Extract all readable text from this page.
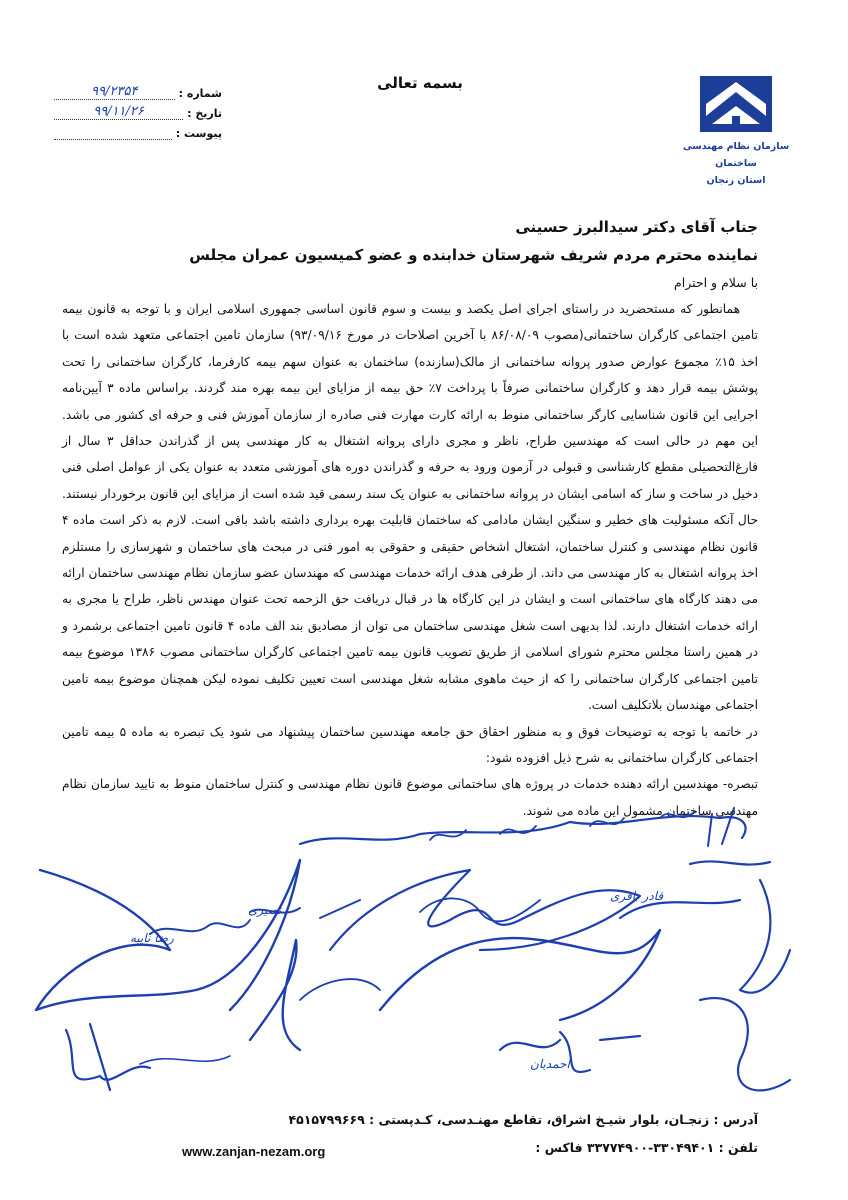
سازمان نظام مهندسی ساختمان
استان زنجان
بسمه تعالی
شماره :
۹۹/۲۳۵۴
تاریخ :
۹۹/۱۱/۲۶
پیوست :
جناب آقای دکتر سیدالبرز حسینی
نماینده محترم مردم شریف شهرستان خدابنده و عضو کمیسیون عمران مجلس
با سلام و احترام

همانطور که مستحضرید در راستای اجرای اصل یکصد و بیست و سوم قانون اساسی جمهوری اسلامی ایران و با توجه به قانون بیمه تامین اجتماعی کارگران ساختمانی(مصوب ۸۶/۰۸/۰۹ با آخرین اصلاحات در مورخ ۹۳/۰۹/۱۶) سازمان تامین اجتماعی متعهد شده است با اخذ ۱۵٪ مجموع عوارض صدور پروانه ساختمانی از مالک(سازنده) ساختمان به عنوان سهم بیمه کارفرما، کارگران ساختمانی را تحت پوشش بیمه قرار دهد و کارگران ساختمانی صرفاً با پرداخت ۷٪ حق بیمه از مزایای این بیمه بهره مند گردند. براساس ماده ۳ آیین‌نامه اجرایی این قانون شناسایی کارگر ساختمانی منوط به ارائه کارت مهارت فنی صادره از سازمان آموزش فنی و حرفه ای کشور می باشد. این مهم در حالی است که مهندسین طراح، ناظر و مجری دارای پروانه اشتغال به کار مهندسی پس از گذراندن حداقل ۳ سال از فارغ‌التحصیلی مقطع کارشناسی و قبولی در آزمون ورود به حرفه و گذراندن دوره های آموزشی متعدد به عنوان یکی از عوامل اصلی فنی دخیل در ساخت و ساز که اسامی ایشان در پروانه ساختمانی به عنوان یک سند رسمی قید شده است از مزایای این قانون برخوردار نیستند. حال آنکه مسئولیت های خطیر و سنگین ایشان مادامی که ساختمان قابلیت بهره برداری داشته باشد باقی است. لازم به ذکر است ماده ۴ قانون نظام مهندسی و کنترل ساختمان، اشتغال اشخاص حقیقی و حقوقی به امور فنی در مبحث های ساختمان و شهرسازی را مستلزم اخذ پروانه اشتغال به کار مهندسی می داند. از طرفی هدف ارائه خدمات مهندسی که مهندسان عضو سازمان نظام مهندسی ساختمان ارائه می دهند کارگاه های ساختمانی است و ایشان در این کارگاه ها در قبال دریافت حق الزحمه تحت عنوان مهندس ناظر، طراح یا مجری به ارائه خدمات اشتغال دارند. لذا بدیهی است شغل مهندسی ساختمان می توان از مصادیق بند الف ماده ۴ قانون تامین اجتماعی برشمرد و در همین راستا مجلس محترم شورای اسلامی از طریق تصویب قانون بیمه تامین اجتماعی کارگران ساختمانی مصوب ۱۳۸۶ موضوع بیمه تامین اجتماعی کارگران ساختمانی را که از حیث ماهوی مشابه شغل مهندسی است تعیین تکلیف نموده لیکن همچنان موضوع بیمه تامین اجتماعی مهندسان بلاتکلیف است.

در خاتمه با توجه به توضیحات فوق و به منظور احقاق حق جامعه مهندسین ساختمان پیشنهاد می شود یک تبصره به ماده ۵ بیمه تامین اجتماعی کارگران ساختمانی به شرح ذیل افزوده شود:

تبصره- مهندسین ارائه دهنده خدمات در پروژه های ساختمانی موضوع قانون نظام مهندسی و کنترل ساختمان منوط به تایید سازمان نظام مهندسی ساختمان مشمول این ماده می شوند.

نصیری
قادر باقری
رضا نایبه
احمدیان
آدرس : زنجـان، بلوار شیـخ اشراق، تقاطع مهنـدسی، کـدپستی : ۴۵۱۵۷۹۹۶۶۹
تلفن : ۳۳۰۴۹۴۰۱-۳۳۷۷۴۹۰۰ فاکس :
www.zanjan-nezam.org
